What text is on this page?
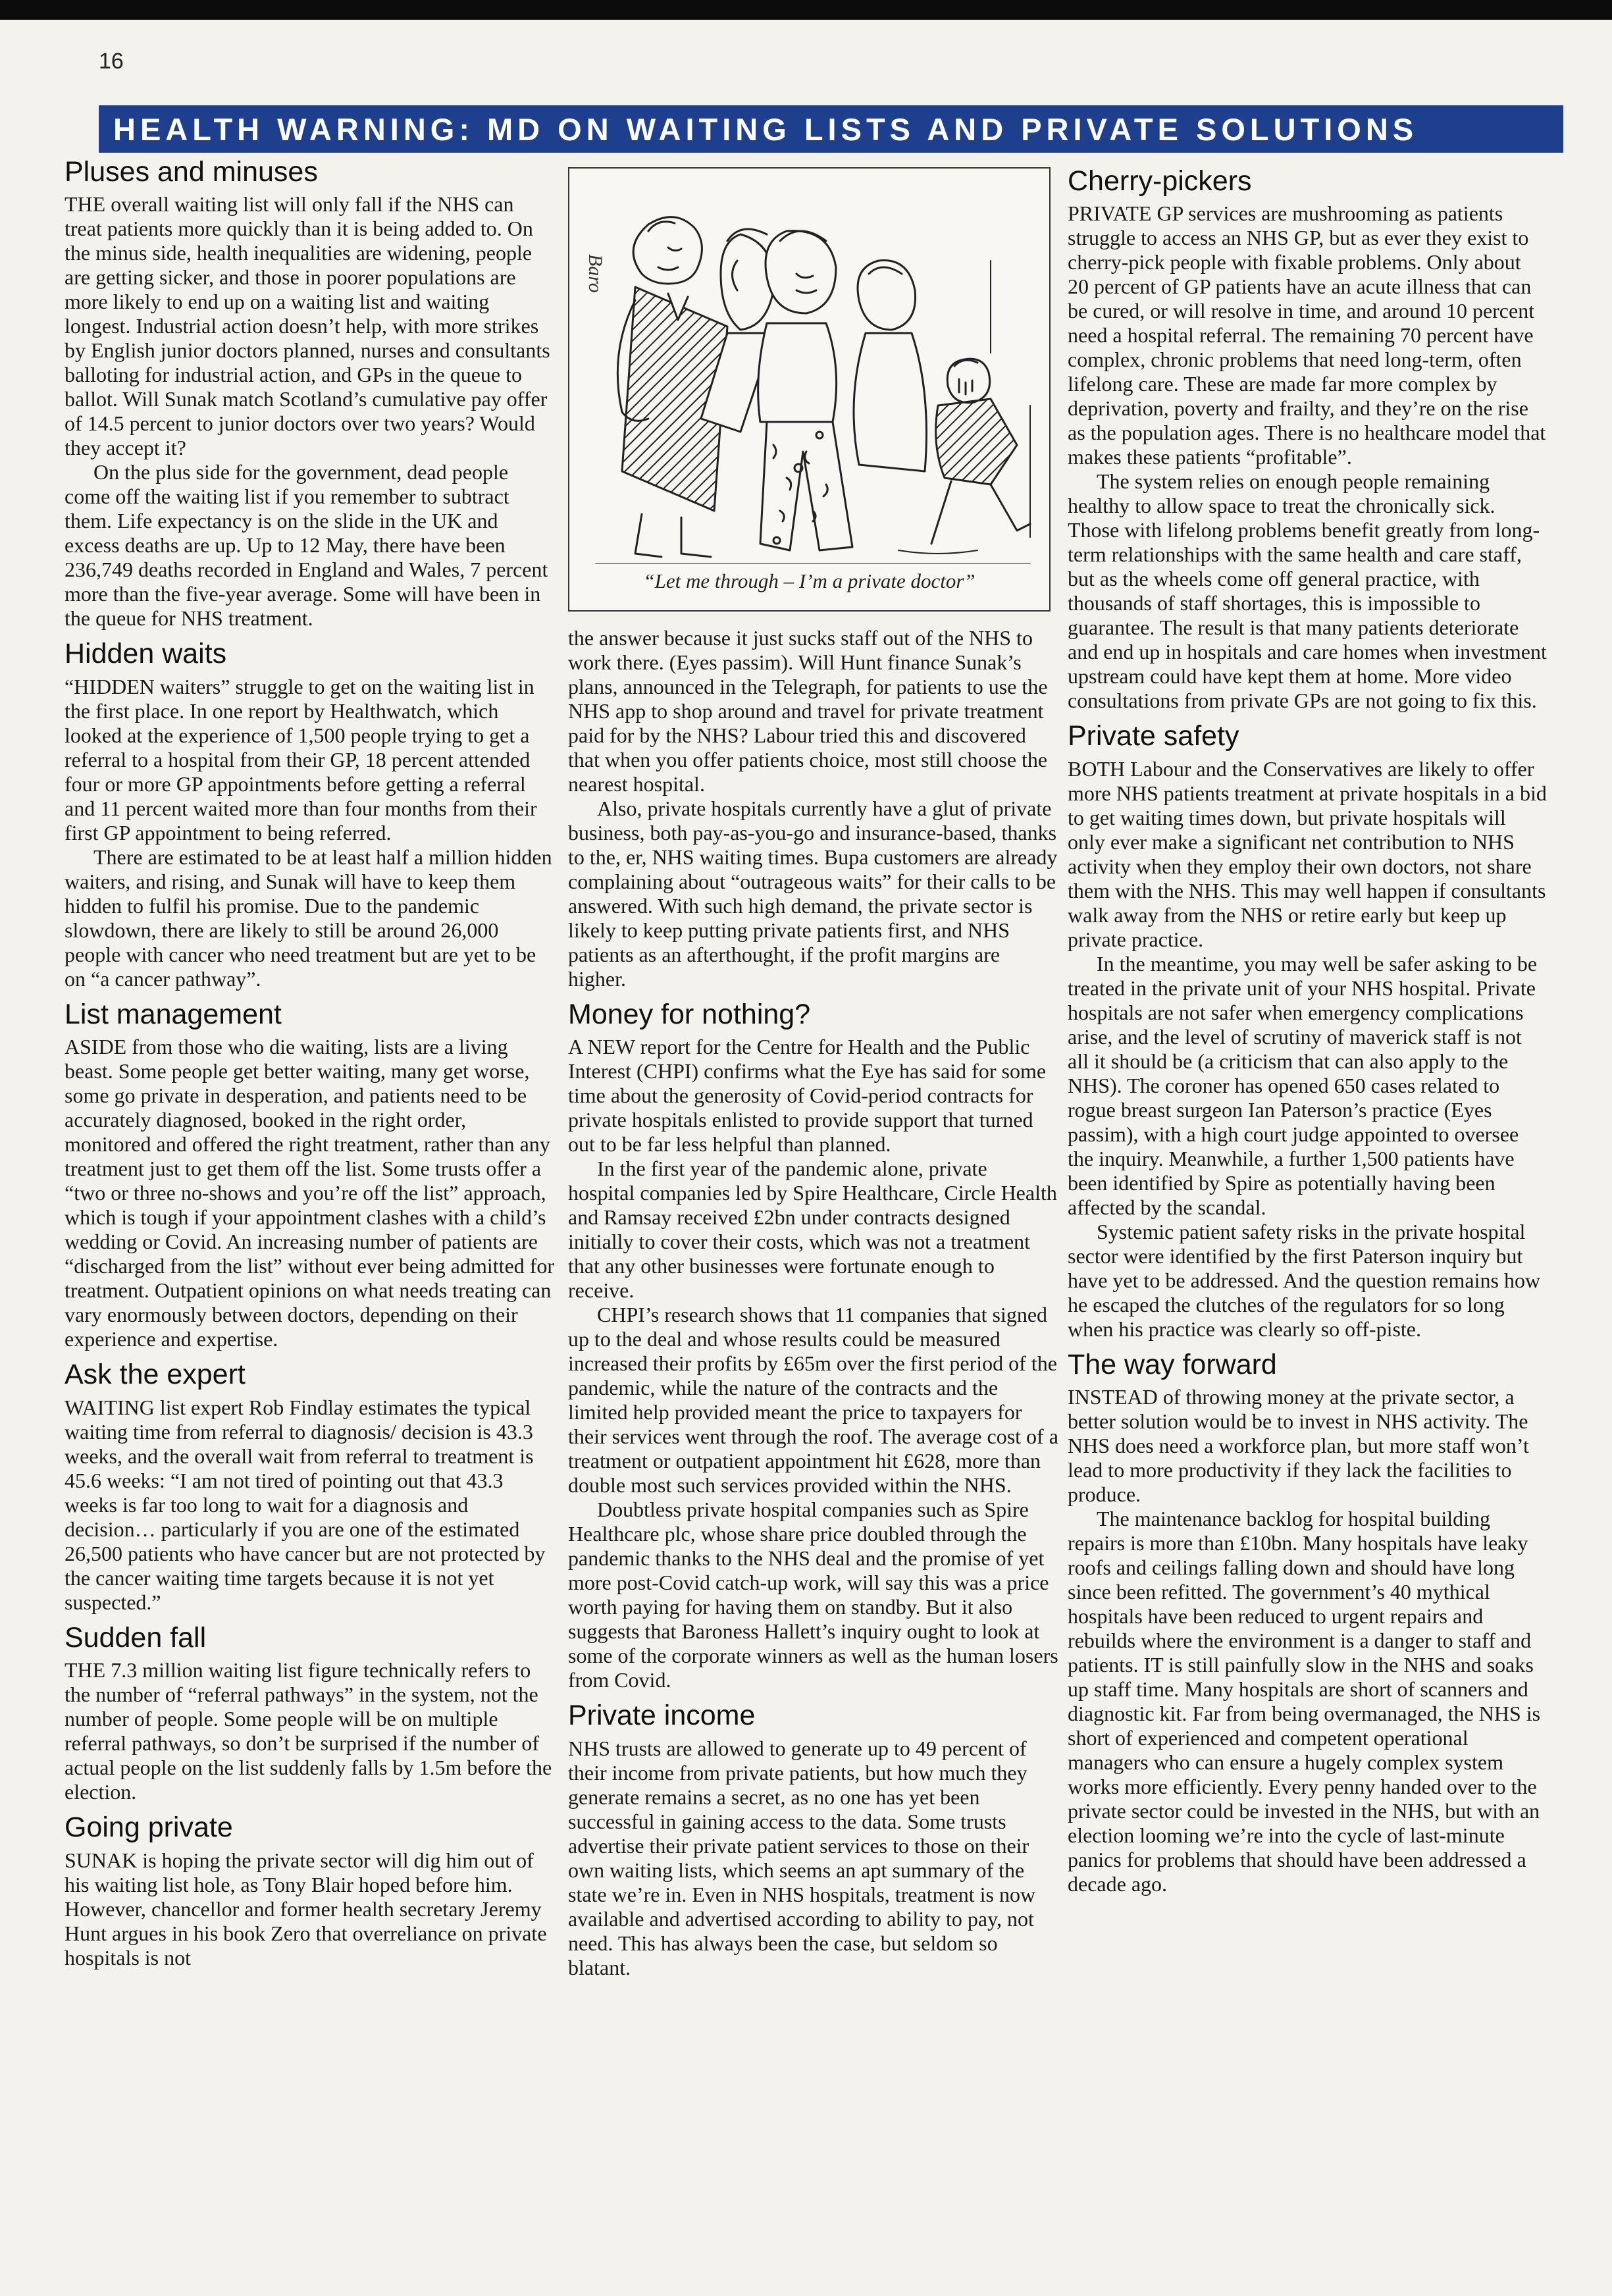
16
HEALTH WARNING: MD ON WAITING LISTS AND PRIVATE SOLUTIONS
Pluses and minuses

THE overall waiting list will only fall if the NHS can treat patients more quickly than it is being added to. On the minus side, health inequalities are widening, people are getting sicker, and those in poorer populations are more likely to end up on a waiting list and waiting longest. Industrial action doesn’t help, with more strikes by English junior doctors planned, nurses and consultants balloting for industrial action, and GPs in the queue to ballot. Will Sunak match Scotland’s cumulative pay offer of 14.5 percent to junior doctors over two years? Would they accept it?

On the plus side for the government, dead people come off the waiting list if you remember to subtract them. Life expectancy is on the slide in the UK and excess deaths are up. Up to 12 May, there have been 236,749 deaths recorded in England and Wales, 7 percent more than the five-year average. Some will have been in the queue for NHS treatment.

Hidden waits

“HIDDEN waiters” struggle to get on the waiting list in the first place. In one report by Healthwatch, which looked at the experience of 1,500 people trying to get a referral to a hospital from their GP, 18 percent attended four or more GP appointments before getting a referral and 11 percent waited more than four months from their first GP appointment to being referred.

There are estimated to be at least half a million hidden waiters, and rising, and Sunak will have to keep them hidden to fulfil his promise. Due to the pandemic slowdown, there are likely to still be around 26,000 people with cancer who need treatment but are yet to be on “a cancer pathway”.

List management

ASIDE from those who die waiting, lists are a living beast. Some people get better waiting, many get worse, some go private in desperation, and patients need to be accurately diagnosed, booked in the right order, monitored and offered the right treatment, rather than any treatment just to get them off the list. Some trusts offer a “two or three no-shows and you’re off the list” approach, which is tough if your appointment clashes with a child’s wedding or Covid. An increasing number of patients are “discharged from the list” without ever being admitted for treatment. Outpatient opinions on what needs treating can vary enormously between doctors, depending on their experience and expertise.

Ask the expert

WAITING list expert Rob Findlay estimates the typical waiting time from referral to diagnosis/ decision is 43.3 weeks, and the overall wait from referral to treatment is 45.6 weeks: “I am not tired of pointing out that 43.3 weeks is far too long to wait for a diagnosis and decision… particularly if you are one of the estimated 26,500 patients who have cancer but are not protected by the cancer waiting time targets because it is not yet suspected.”

Sudden fall

THE 7.3 million waiting list figure technically refers to the number of “referral pathways” in the system, not the number of people. Some people will be on multiple referral pathways, so don’t be surprised if the number of actual people on the list suddenly falls by 1.5m before the election.

Going private

SUNAK is hoping the private sector will dig him out of his waiting list hole, as Tony Blair hoped before him. However, chancellor and former health secretary Jeremy Hunt argues in his book Zero that overreliance on private hospitals is not

Baro
“Let me through – I’m a private doctor”

the answer because it just sucks staff out of the NHS to work there. (Eyes passim). Will Hunt finance Sunak’s plans, announced in the Telegraph, for patients to use the NHS app to shop around and travel for private treatment paid for by the NHS? Labour tried this and discovered that when you offer patients choice, most still choose the nearest hospital.

Also, private hospitals currently have a glut of private business, both pay-as-you-go and insurance-based, thanks to the, er, NHS waiting times. Bupa customers are already complaining about “outrageous waits” for their calls to be answered. With such high demand, the private sector is likely to keep putting private patients first, and NHS patients as an afterthought, if the profit margins are higher.

Money for nothing?

A NEW report for the Centre for Health and the Public Interest (CHPI) confirms what the Eye has said for some time about the generosity of Covid-period contracts for private hospitals enlisted to provide support that turned out to be far less helpful than planned.

In the first year of the pandemic alone, private hospital companies led by Spire Healthcare, Circle Health and Ramsay received £2bn under contracts designed initially to cover their costs, which was not a treatment that any other businesses were fortunate enough to receive.

CHPI’s research shows that 11 companies that signed up to the deal and whose results could be measured increased their profits by £65m over the first period of the pandemic, while the nature of the contracts and the limited help provided meant the price to taxpayers for their services went through the roof. The average cost of a treatment or outpatient appointment hit £628, more than double most such services provided within the NHS.

Doubtless private hospital companies such as Spire Healthcare plc, whose share price doubled through the pandemic thanks to the NHS deal and the promise of yet more post-Covid catch-up work, will say this was a price worth paying for having them on standby. But it also suggests that Baroness Hallett’s inquiry ought to look at some of the corporate winners as well as the human losers from Covid.

Private income

NHS trusts are allowed to generate up to 49 percent of their income from private patients, but how much they generate remains a secret, as no one has yet been successful in gaining access to the data. Some trusts advertise their private patient services to those on their own waiting lists, which seems an apt summary of the state we’re in. Even in NHS hospitals, treatment is now available and advertised according to ability to pay, not need. This has always been the case, but seldom so blatant.

Cherry-pickers

PRIVATE GP services are mushrooming as patients struggle to access an NHS GP, but as ever they exist to cherry-pick people with fixable problems. Only about 20 percent of GP patients have an acute illness that can be cured, or will resolve in time, and around 10 percent need a hospital referral. The remaining 70 percent have complex, chronic problems that need long-term, often lifelong care. These are made far more complex by deprivation, poverty and frailty, and they’re on the rise as the population ages. There is no healthcare model that makes these patients “profitable”.

The system relies on enough people remaining healthy to allow space to treat the chronically sick. Those with lifelong problems benefit greatly from long-term relationships with the same health and care staff, but as the wheels come off general practice, with thousands of staff shortages, this is impossible to guarantee. The result is that many patients deteriorate and end up in hospitals and care homes when investment upstream could have kept them at home. More video consultations from private GPs are not going to fix this.

Private safety

BOTH Labour and the Conservatives are likely to offer more NHS patients treatment at private hospitals in a bid to get waiting times down, but private hospitals will only ever make a significant net contribution to NHS activity when they employ their own doctors, not share them with the NHS. This may well happen if consultants walk away from the NHS or retire early but keep up private practice.

In the meantime, you may well be safer asking to be treated in the private unit of your NHS hospital. Private hospitals are not safer when emergency complications arise, and the level of scrutiny of maverick staff is not all it should be (a criticism that can also apply to the NHS). The coroner has opened 650 cases related to rogue breast surgeon Ian Paterson’s practice (Eyes passim), with a high court judge appointed to oversee the inquiry. Meanwhile, a further 1,500 patients have been identified by Spire as potentially having been affected by the scandal.

Systemic patient safety risks in the private hospital sector were identified by the first Paterson inquiry but have yet to be addressed. And the question remains how he escaped the clutches of the regulators for so long when his practice was clearly so off-piste.

The way forward

INSTEAD of throwing money at the private sector, a better solution would be to invest in NHS activity. The NHS does need a workforce plan, but more staff won’t lead to more productivity if they lack the facilities to produce.

The maintenance backlog for hospital building repairs is more than £10bn. Many hospitals have leaky roofs and ceilings falling down and should have long since been refitted. The government’s 40 mythical hospitals have been reduced to urgent repairs and rebuilds where the environment is a danger to staff and patients. IT is still painfully slow in the NHS and soaks up staff time. Many hospitals are short of scanners and diagnostic kit. Far from being overmanaged, the NHS is short of experienced and competent operational managers who can ensure a hugely complex system works more efficiently. Every penny handed over to the private sector could be invested in the NHS, but with an election looming we’re into the cycle of last-minute panics for problems that should have been addressed a decade ago.
